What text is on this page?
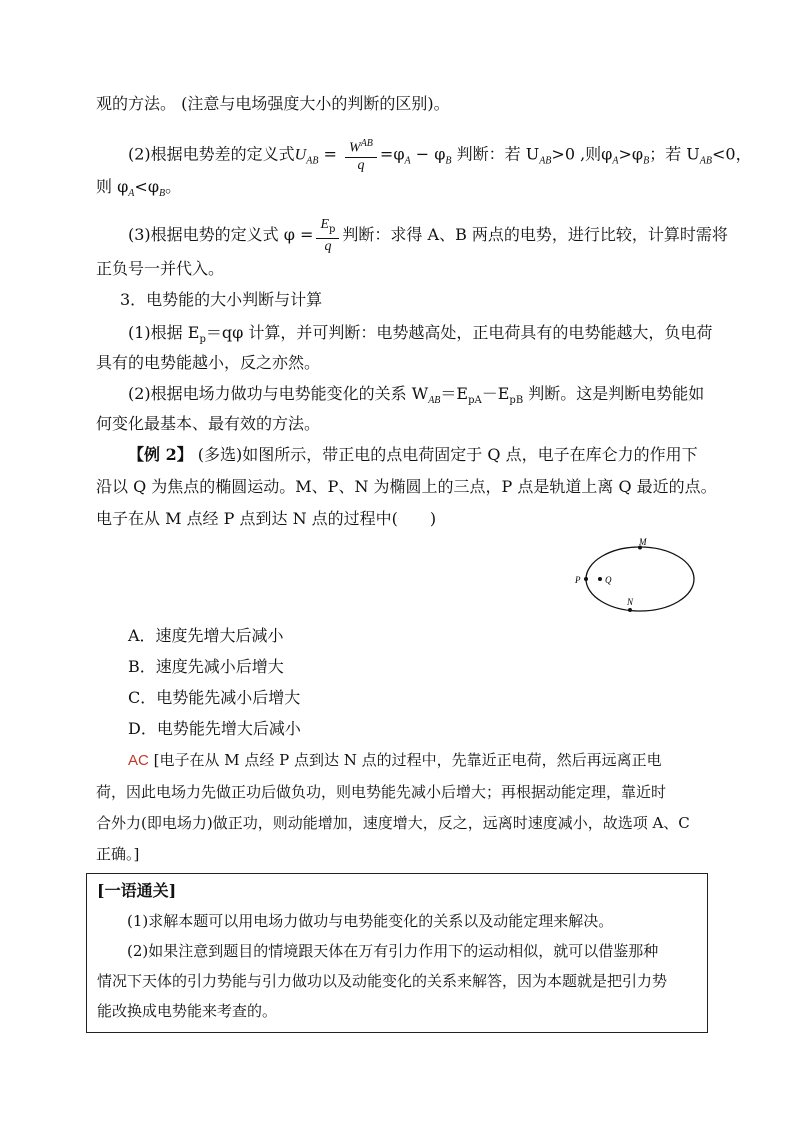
观的方法。 (注意与电场强度大小的判断的区别)。
(2)根据电势差的定义式$U_{AB} = \frac{W^{AB}}{q} =\varphi_A - \varphi_B$ 判断：若 $U_{AB}>0$ ,则$\varphi_A>\varphi_B$；若 $U_{AB}<0$，
则 $\varphi_A<\varphi_B$。
(3)根据电势的定义式 $\varphi = \frac{E_p}{q}$ 判断：求得 A、B 两点的电势，进行比较，计算时需将
正负号一并代入。
3．电势能的大小判断与计算
(1)根据 $E_p=q\varphi$ 计算，并可判断：电势越高处，正电荷具有的电势能越大，负电荷
具有的电势能越小，反之亦然。
(2)根据电场力做功与电势能变化的关系 $W_{AB}=E_{pA}-E_{pB}$ 判断。这是判断电势能如
何变化最基本、最有效的方法。
【例 2】 (多选)如图所示，带正电的点电荷固定于 Q 点，电子在库仑力的作用下
沿以 Q 为焦点的椭圆运动。M、P、N 为椭圆上的三点，P 点是轨道上离 Q 最近的点。
电子在从 M 点经 P 点到达 N 点的过程中(　　)
M
P	Q
N
A．速度先增大后减小
B．速度先减小后增大
C．电势能先减小后增大
D．电势能先增大后减小
AC [电子在从 M 点经 P 点到达 N 点的过程中，先靠近正电荷，然后再远离正电
荷，因此电场力先做正功后做负功，则电势能先减小后增大；再根据动能定理，靠近时
合外力(即电场力)做正功，则动能增加，速度增大，反之，远离时速度减小，故选项 A、C
正确。]
[一语通关]
(1)求解本题可以用电场力做功与电势能变化的关系以及动能定理来解决。
(2)如果注意到题目的情境跟天体在万有引力作用下的运动相似，就可以借鉴那种
情况下天体的引力势能与引力做功以及动能变化的关系来解答，因为本题就是把引力势
能改换成电势能来考查的。
